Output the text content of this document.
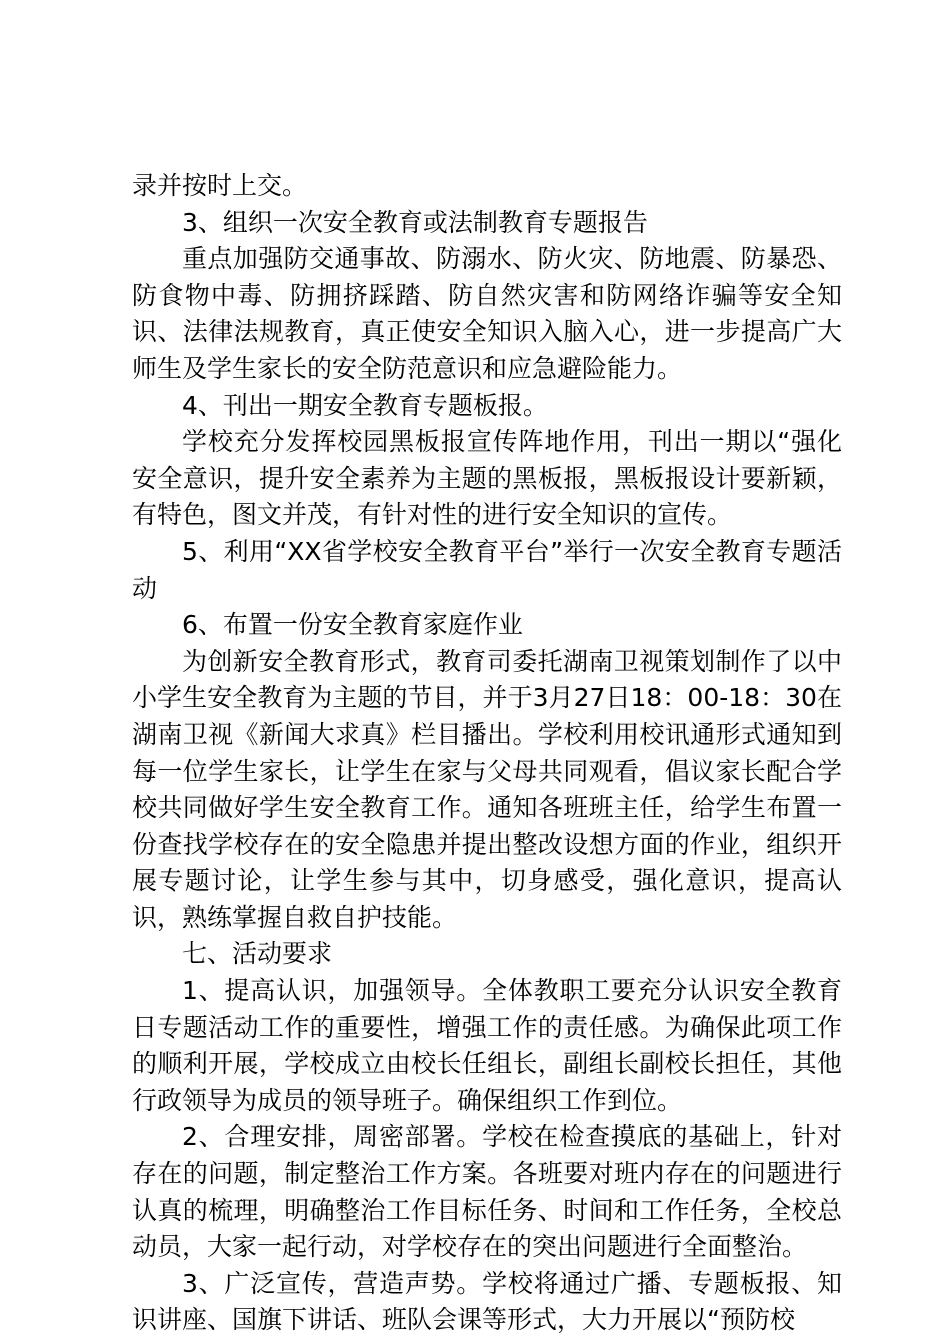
录并按时上交。

3、组织一次安全教育或法制教育专题报告

重点加强防交通事故、防溺水、防火灾、防地震、防暴恐、防食物中毒、防拥挤踩踏、防自然灾害和防网络诈骗等安全知识、法律法规教育，真正使安全知识入脑入心，进一步提高广大师生及学生家长的安全防范意识和应急避险能力。

4、刊出一期安全教育专题板报。

学校充分发挥校园黑板报宣传阵地作用，刊出一期以“强化安全意识，提升安全素养为主题的黑板报，黑板报设计要新颖，有特色，图文并茂，有针对性的进行安全知识的宣传。

5、利用“XX省学校安全教育平台”举行一次安全教育专题活动

6、布置一份安全教育家庭作业

为创新安全教育形式，教育司委托湖南卫视策划制作了以中小学生安全教育为主题的节目，并于3月27日18：00-18：30在湖南卫视《新闻大求真》栏目播出。学校利用校讯通形式通知到每一位学生家长，让学生在家与父母共同观看，倡议家长配合学校共同做好学生安全教育工作。通知各班班主任，给学生布置一份查找学校存在的安全隐患并提出整改设想方面的作业，组织开展专题讨论，让学生参与其中，切身感受，强化意识，提高认识，熟练掌握自救自护技能。

七、活动要求

1、提高认识，加强领导。全体教职工要充分认识安全教育日专题活动工作的重要性，增强工作的责任感。为确保此项工作的顺利开展，学校成立由校长任组长，副组长副校长担任，其他行政领导为成员的领导班子。确保组织工作到位。

2、合理安排，周密部署。学校在检查摸底的基础上，针对存在的问题，制定整治工作方案。各班要对班内存在的问题进行认真的梳理，明确整治工作目标任务、时间和工作任务，全校总动员，大家一起行动，对学校存在的突出问题进行全面整治。

3、广泛宣传，营造声势。学校将通过广播、专题板报、知识讲座、国旗下讲话、班队会课等形式，大力开展以“预防校
